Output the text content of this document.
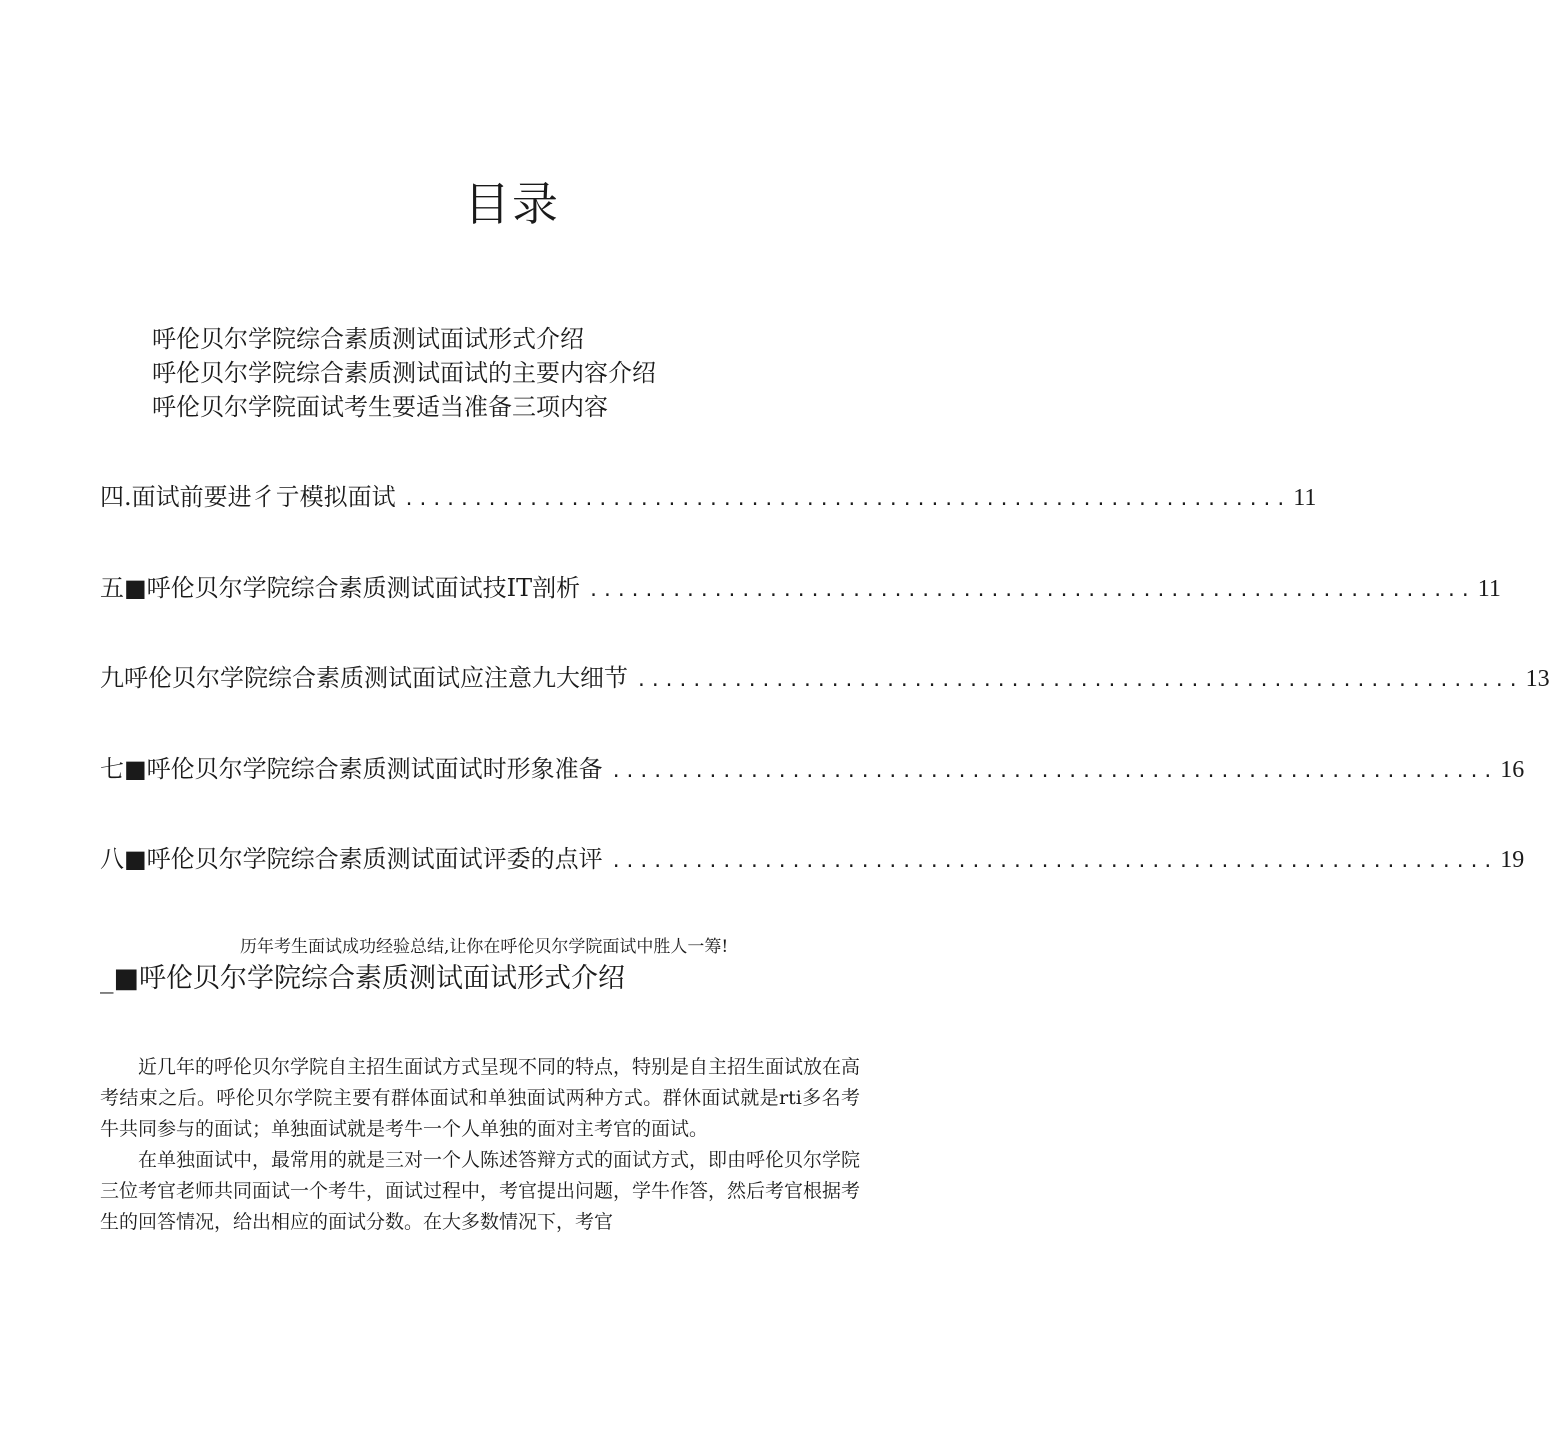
目录
呼伦贝尔学院综合素质测试面试形式介绍
呼伦贝尔学院综合素质测试面试的主要内容介绍
呼伦贝尔学院面试考生要适当准备三项内容
四.面试前要进彳亍模拟面试 ................................................................ 11
五■呼伦贝尔学院综合素质测试面试技IT剖析 ................................................................ 11
九呼伦贝尔学院综合素质测试面试应注意九大细节 ................................................................ 13
七■呼伦贝尔学院综合素质测试面试时形象准备 ................................................................ 16
八■呼伦贝尔学院综合素质测试面试评委的点评 ................................................................ 19

历年考生面试成功经验总结,让你在呼伦贝尔学院面试中胜人一筹!

_■呼伦贝尔学院综合素质测试面试形式介绍

近几年的呼伦贝尔学院自主招生面试方式呈现不同的特点，特别是自主招生面试放在高考结束之后。呼伦贝尔学院主要有群体面试和单独面试两种方式。群休面试就是rti多名考牛共同参与的面试；单独面试就是考牛一个人单独的面对主考官的面试。

在单独面试中，最常用的就是三对一个人陈述答辩方式的面试方式，即由呼伦贝尔学院三位考官老师共同面试一个考牛，面试过程中，考官提出问题，学牛作答，然后考官根据考生的回答情况，给出相应的面试分数。在大多数情况下，考官
